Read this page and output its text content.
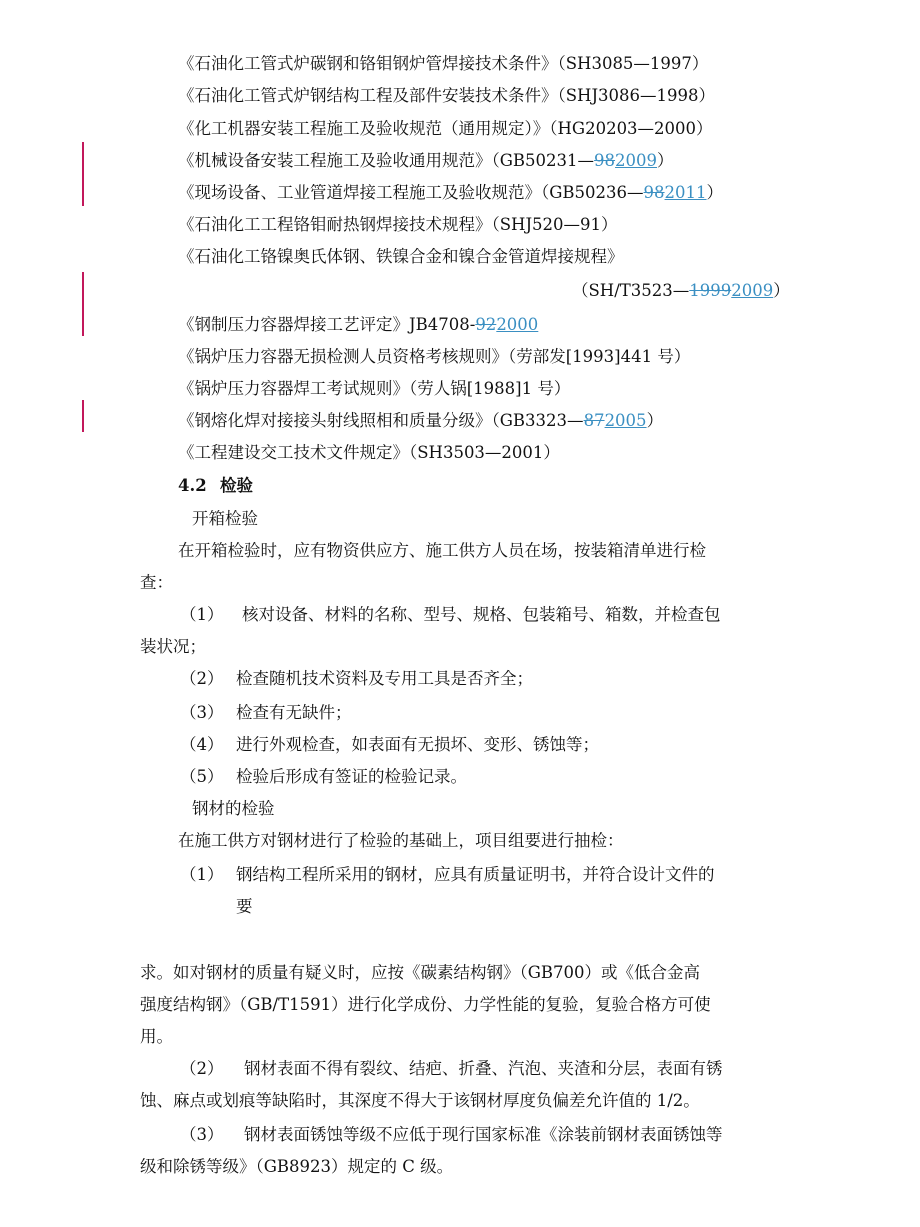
《石油化工管式炉碳钢和铬钼钢炉管焊接技术条件》（SH3085—1997）
《石油化工管式炉钢结构工程及部件安装技术条件》（SHJ3086—1998）
《化工机器安装工程施工及验收规范（通用规定）》（HG20203—2000）
《机械设备安装工程施工及验收通用规范》（GB50231—982009）
《现场设备、工业管道焊接工程施工及验收规范》（GB50236—982011）
《石油化工工程铬钼耐热钢焊接技术规程》（SHJ520—91）
《石油化工铬镍奥氏体钢、铁镍合金和镍合金管道焊接规程》
（SH/T3523—19992009）
《钢制压力容器焊接工艺评定》JB4708-922000
《锅炉压力容器无损检测人员资格考核规则》（劳部发[1993]441 号）
《锅炉压力容器焊工考试规则》（劳人锅[1988]1 号）
《钢熔化焊对接接头射线照相和质量分级》（GB3323—872005）
《工程建设交工技术文件规定》（SH3503—2001）
4.2 检验
开箱检验
在开箱检验时，应有物资供应方、施工供方人员在场，按装箱清单进行检
查：
（1） 核对设备、材料的名称、型号、规格、包装箱号、箱数，并检查包
装状况；
（2） 检查随机技术资料及专用工具是否齐全；
（3） 检查有无缺件；
（4） 进行外观检查，如表面有无损坏、变形、锈蚀等；
（5） 检验后形成有签证的检验记录。
钢材的检验
在施工供方对钢材进行了检验的基础上，项目组要进行抽检：
（1） 钢结构工程所采用的钢材，应具有质量证明书，并符合设计文件的
要
求。如对钢材的质量有疑义时，应按《碳素结构钢》（GB700）或《低合金高
强度结构钢》（GB/T1591）进行化学成份、力学性能的复验，复验合格方可使
用。
（2） 钢材表面不得有裂纹、结疤、折叠、汽泡、夹渣和分层，表面有锈
蚀、麻点或划痕等缺陷时，其深度不得大于该钢材厚度负偏差允许值的 1/2。
（3） 钢材表面锈蚀等级不应低于现行国家标准《涂装前钢材表面锈蚀等
级和除锈等级》（GB8923）规定的 C 级。
